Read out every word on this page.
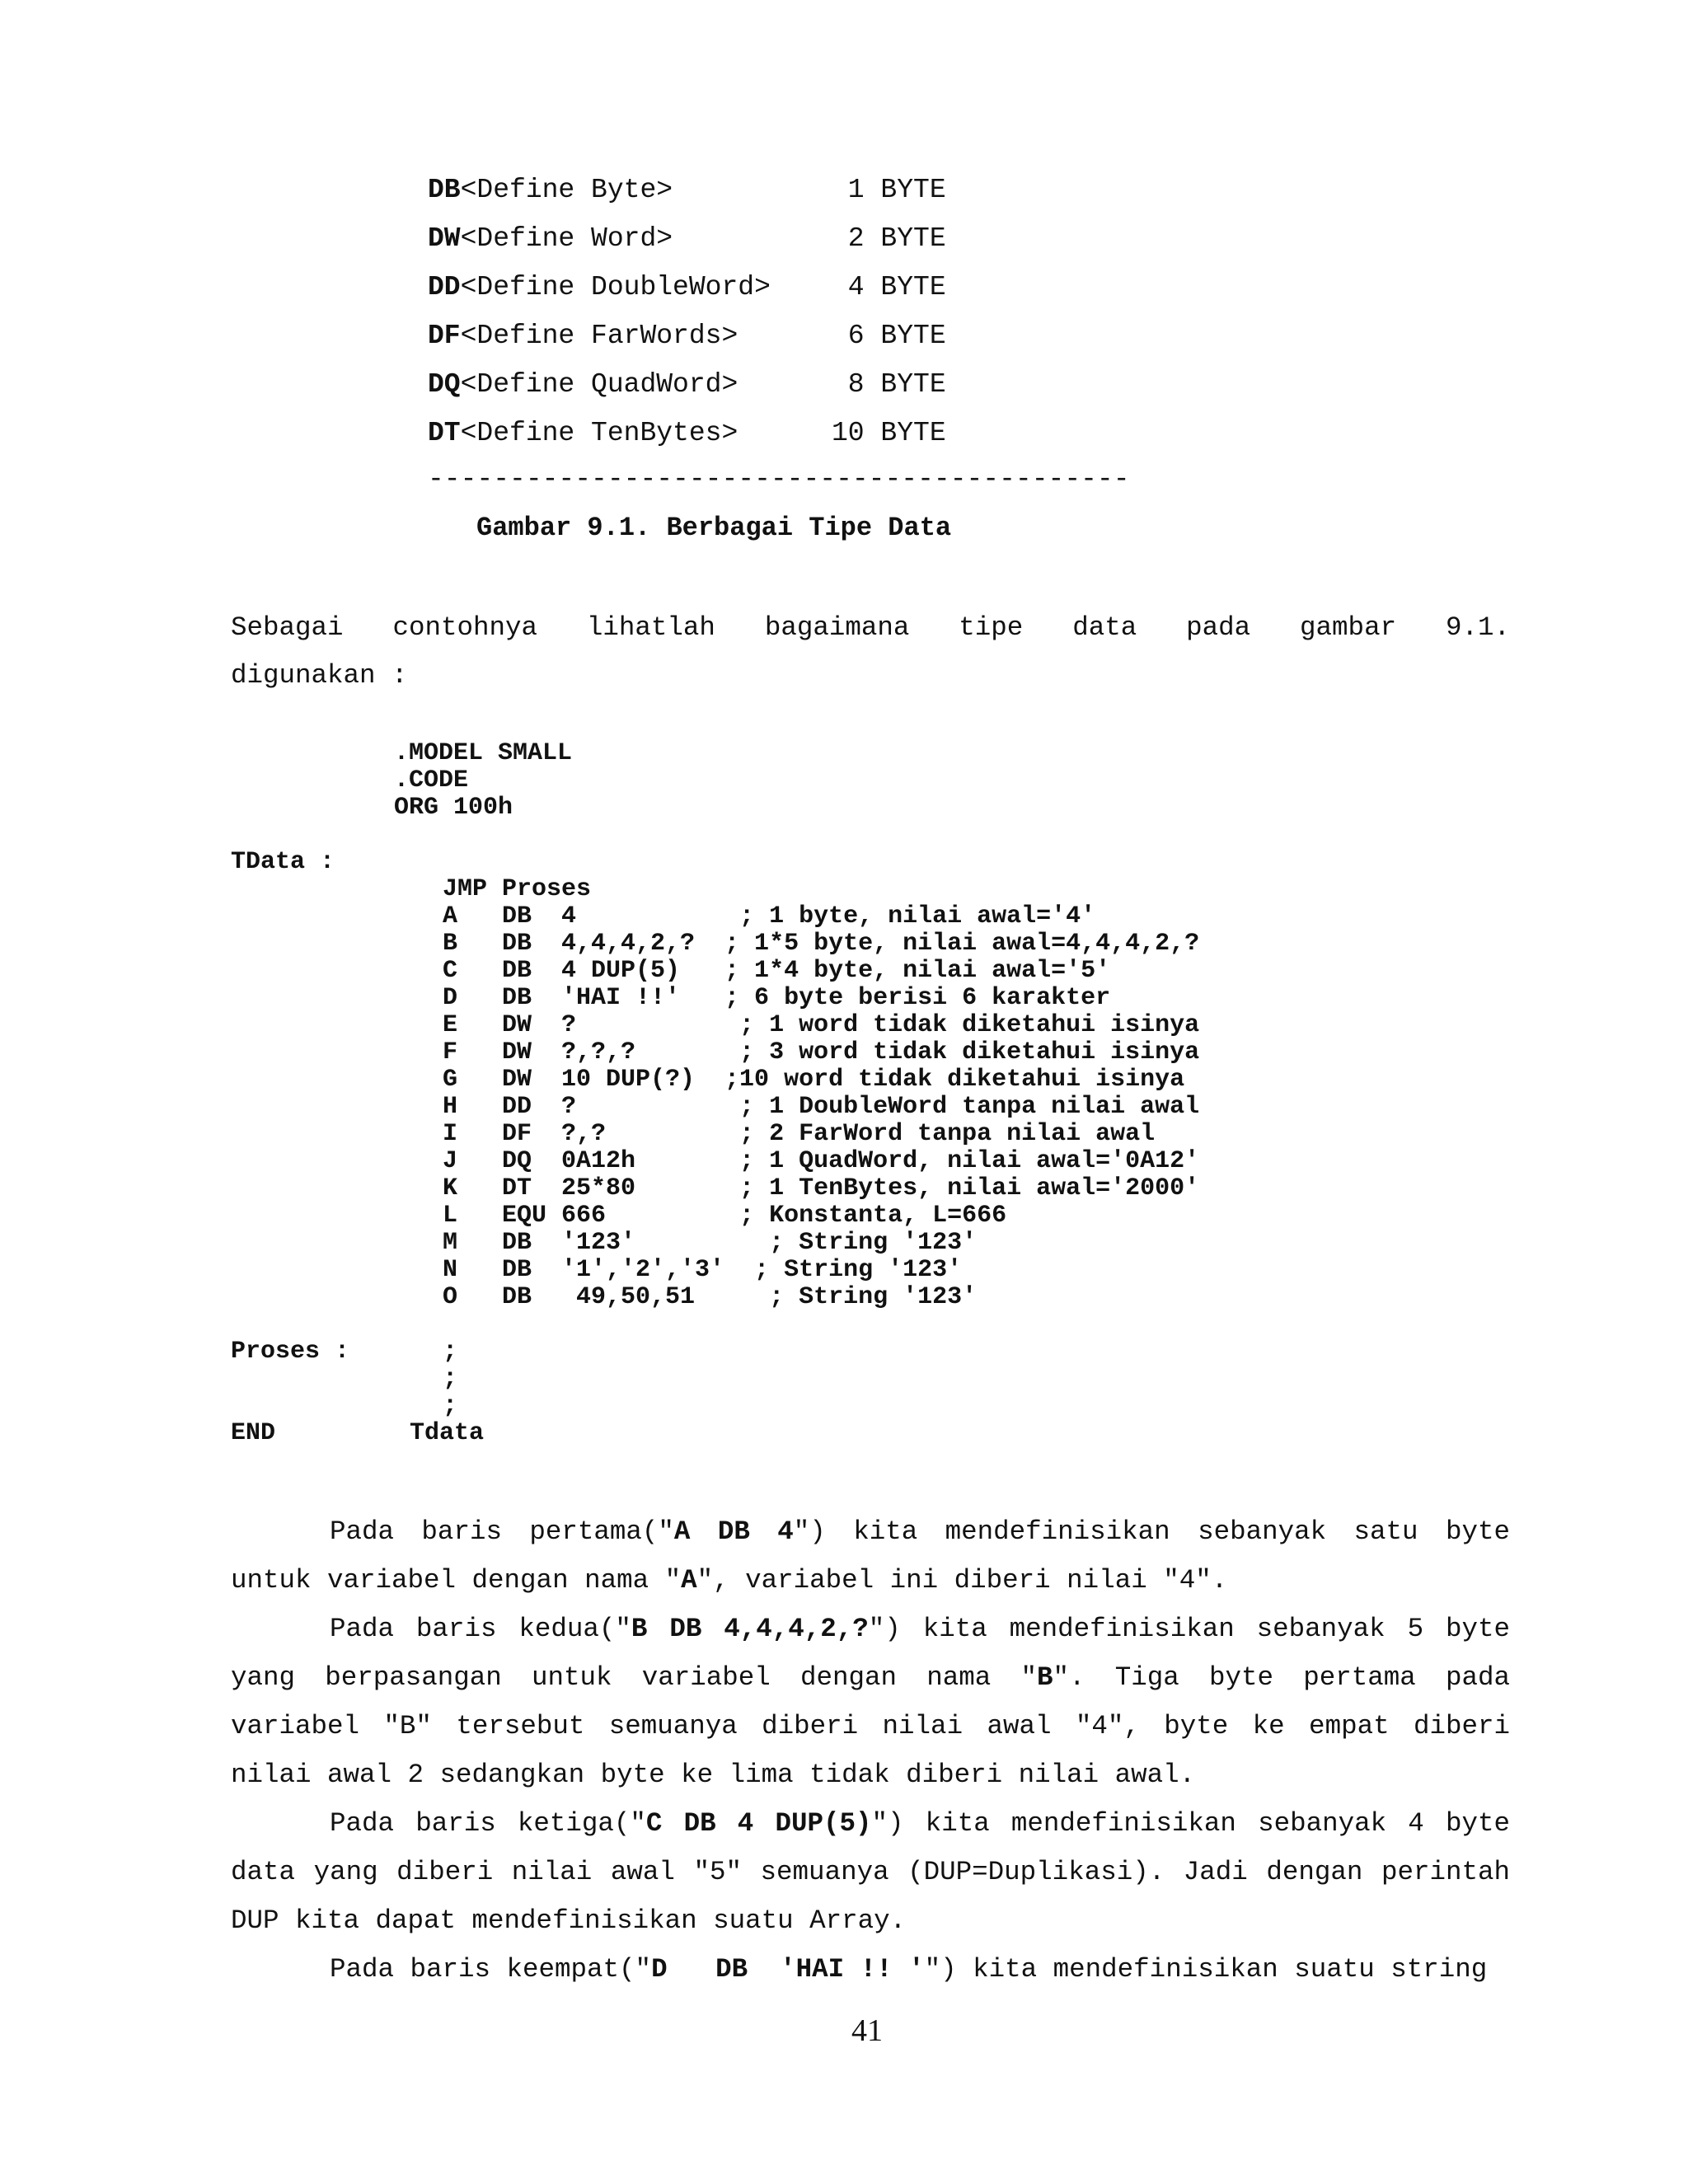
DB<Define Byte>	1 BYTE
DW<Define Word>	2 BYTE
DD<Define DoubleWord> 4 BYTE
DF<Define FarWords>	6 BYTE
DQ<Define QuadWord>	8 BYTE
DT<Define TenBytes>	10 BYTE
-------------------------------------------
Gambar 9.1. Berbagai Tipe Data
Sebagai contohnya lihatlah bagaimana tipe data pada gambar 9.1.
digunakan :
.MODEL SMALL
.CODE
ORG 100h
TData :
JMP Proses
A   DB  4           ; 1 byte, nilai awal='4'
B   DB  4,4,4,2,?  ; 1*5 byte, nilai awal=4,4,4,2,?
C   DB  4 DUP(5)   ; 1*4 byte, nilai awal='5'
D   DB  'HAI !!'   ; 6 byte berisi 6 karakter
E   DW  ?           ; 1 word tidak diketahui isinya
F   DW  ?,?,?       ; 3 word tidak diketahui isinya
G   DW  10 DUP(?)  ;10 word tidak diketahui isinya
H   DD  ?           ; 1 DoubleWord tanpa nilai awal
I   DF  ?,?         ; 2 FarWord tanpa nilai awal
J   DQ  0A12h       ; 1 QuadWord, nilai awal='0A12'
K   DT  25*80       ; 1 TenBytes, nilai awal='2000'
L   EQU 666         ; Konstanta, L=666
M   DB  '123'         ; String '123'
N   DB  '1','2','3'  ; String '123'
O   DB   49,50,51     ; String '123'
Proses :	;
;
;
END	Tdata
Pada baris pertama("A DB 4") kita mendefinisikan sebanyak satu byte
untuk variabel dengan nama "A", variabel ini diberi nilai "4".
Pada baris kedua("B DB 4,4,4,2,?") kita mendefinisikan sebanyak 5 byte
yang berpasangan untuk variabel dengan nama "B". Tiga byte pertama pada
variabel "B" tersebut semuanya diberi nilai awal "4", byte ke empat diberi
nilai awal 2 sedangkan byte ke lima tidak diberi nilai awal.
Pada baris ketiga("C DB 4 DUP(5)") kita mendefinisikan sebanyak 4 byte
data yang diberi nilai awal "5" semuanya (DUP=Duplikasi). Jadi dengan perintah
DUP kita dapat mendefinisikan suatu Array.
Pada baris keempat("D   DB  'HAI !! '") kita mendefinisikan suatu string
41
